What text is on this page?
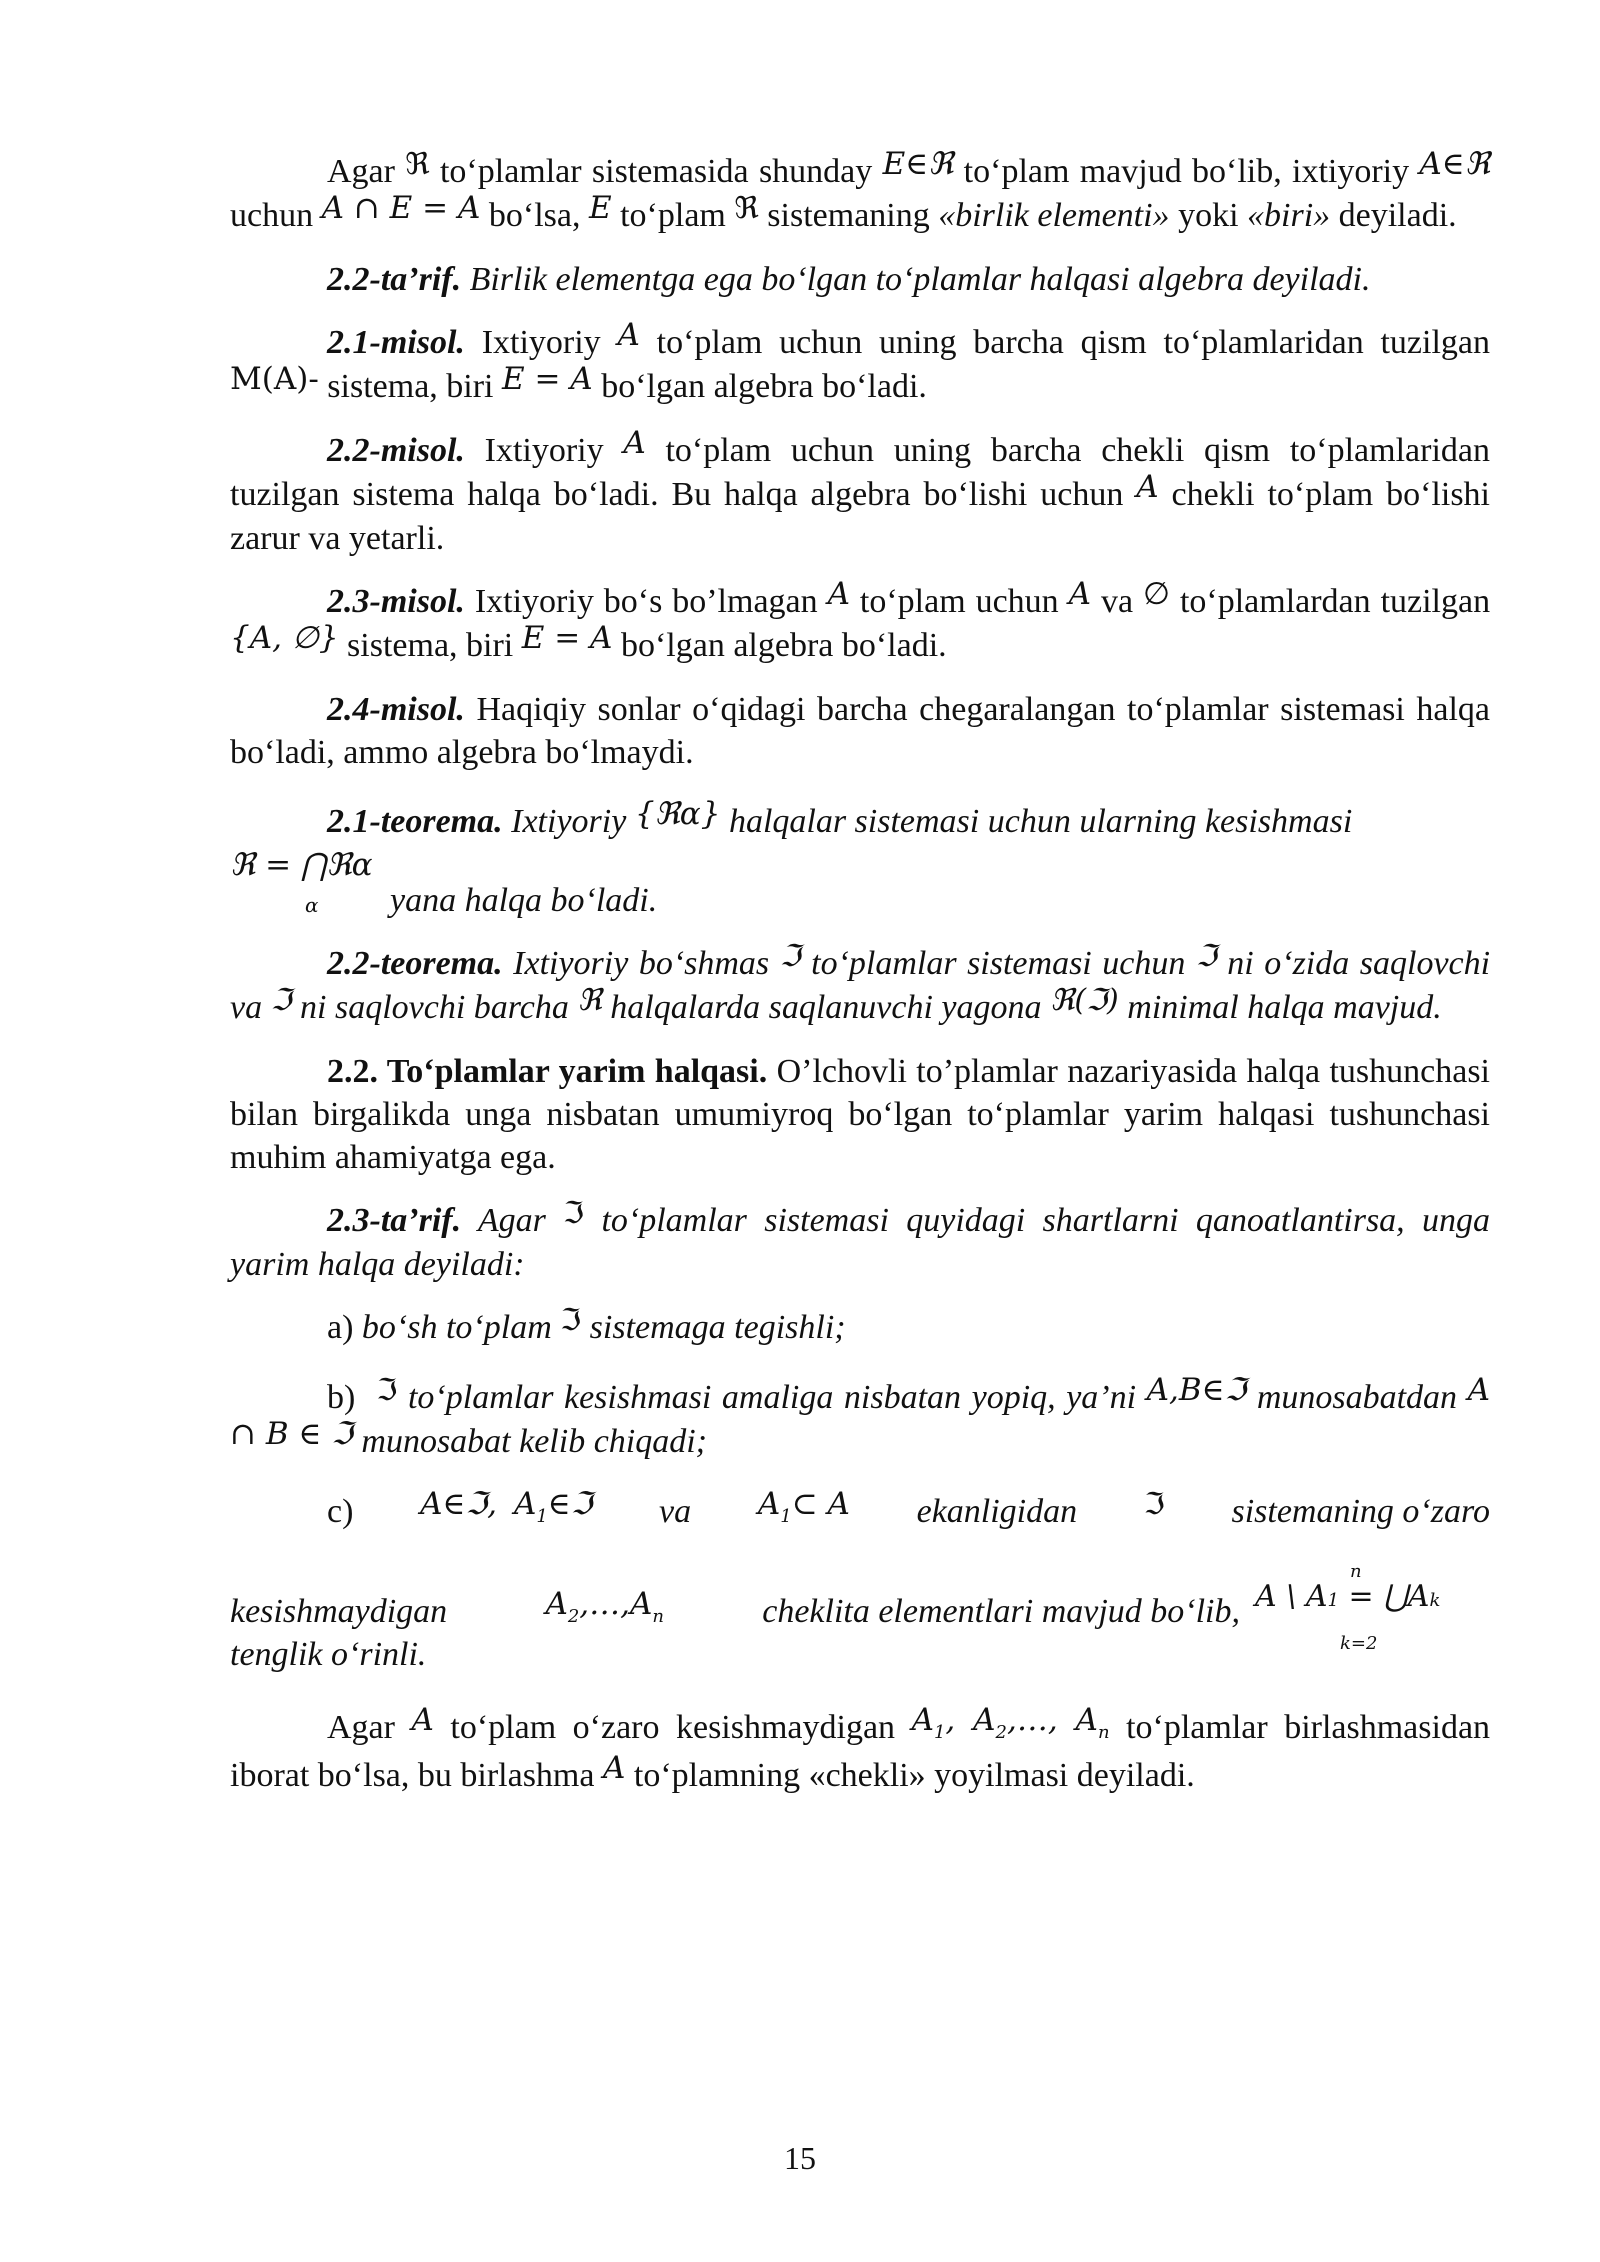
Agar ℜ to‘plamlar sistemasida shunday E∈ℜ to‘plam mavjud bo‘lib, ixtiyoriy A∈ℜ uchun A ∩ E = A bo‘lsa, E to‘plam ℜ sistemaning «birlik elementi» yoki «biri» deyiladi.

2.2-ta’rif. Birlik elementga ega bo‘lgan to‘plamlar halqasi algebra deyiladi.

2.1-misol. Ixtiyoriy A to‘plam uchun uning barcha qism to‘plamlaridan tuzilgan M(A)- sistema, biri E = A bo‘lgan algebra bo‘ladi.

2.2-misol. Ixtiyoriy A to‘plam uchun uning barcha chekli qism to‘plamlaridan tuzilgan sistema halqa bo‘ladi. Bu halqa algebra bo‘lishi uchun A chekli to‘plam bo‘lishi zarur va yetarli.

2.3-misol. Ixtiyoriy bo‘s bo’lmagan A to‘plam uchun A va ∅ to‘plamlardan tuzilgan {A, ∅} sistema, biri E = A bo‘lgan algebra bo‘ladi.

2.4-misol. Haqiqiy sonlar o‘qidagi barcha chegaralangan to‘plamlar sistemasi halqa bo‘ladi, ammo algebra bo‘lmaydi.

2.1-teorema. Ixtiyoriy {ℜα} halqalar sistemasi uchun ularning kesishmasi

ℜ = ⋂ℜα
α yana halqa bo‘ladi.

2.2-teorema. Ixtiyoriy bo‘shmas ℑ to‘plamlar sistemasi uchun ℑ ni o‘zida saqlovchi va ℑ ni saqlovchi barcha ℜ halqalarda saqlanuvchi yagona ℜ(ℑ) minimal halqa mavjud.

2.2. To‘plamlar yarim halqasi. O’lchovli to’plamlar nazariyasida halqa tushunchasi bilan birgalikda unga nisbatan umumiyroq bo‘lgan to‘plamlar yarim halqasi tushunchasi muhim ahamiyatga ega.

2.3-ta’rif. Agar ℑ to‘plamlar sistemasi quyidagi shartlarni qanoatlantirsa, unga yarim halqa deyiladi:

a) bo‘sh to‘plam ℑ sistemaga tegishli;

b) ℑ to‘plamlar kesishmasi amaliga nisbatan yopiq, ya’ni A,B∈ℑ munosabatdan A ∩ B ∈ ℑ munosabat kelib chiqadi;

c) A∈ℑ, A1∈ℑ va A1⊂ A ekanligidan ℑ sistemaning o‘zaro
n
A \ A1 = ⋃Ak
k=2
kesishmaydigan	A2,…,An	cheklita elementlari mavjud bo‘lib,
tenglik o‘rinli.

Agar A to‘plam o‘zaro kesishmaydigan A1, A2,…, An to‘plamlar birlashmasidan iborat bo‘lsa, bu birlashma A to‘plamning «chekli» yoyilmasi deyiladi.

15
